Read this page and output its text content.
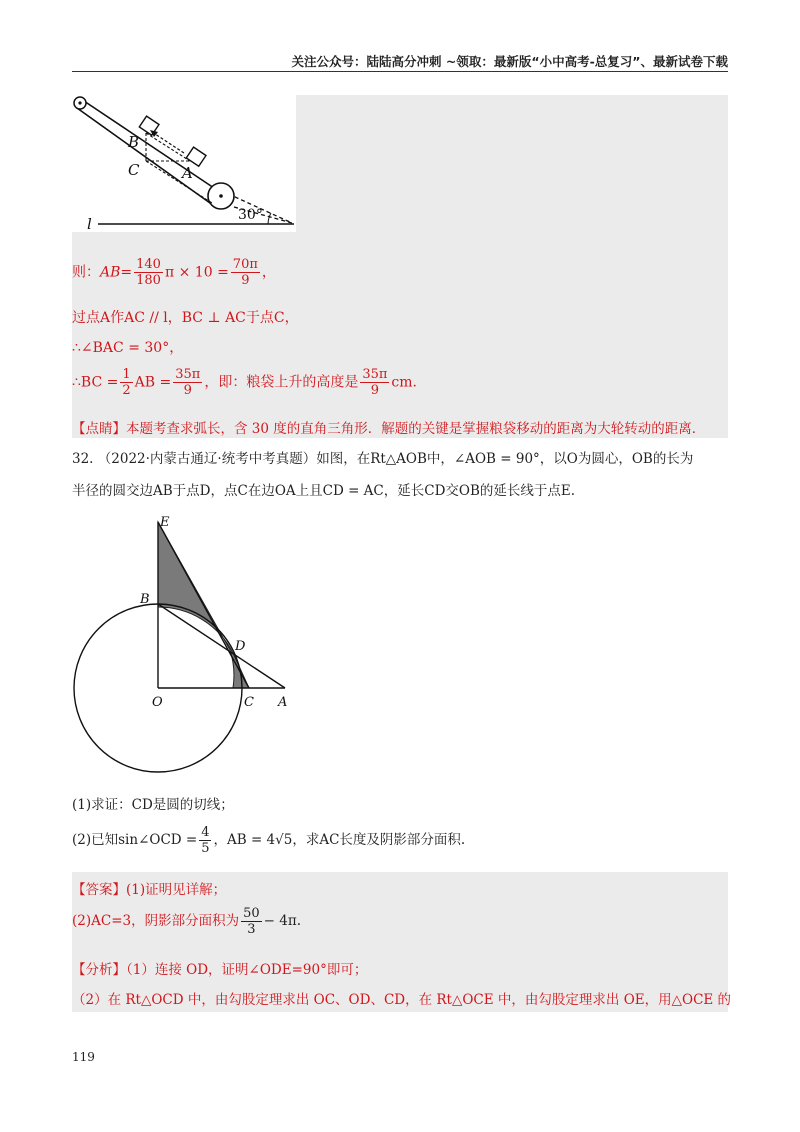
关注公众号：陆陆高分冲刺 ~领取：最新版“小中高考-总复习”、最新试卷下载
B
C	A
30°
l
则：$AB= \frac{140}{180}$ $\pi \times 10 = \frac{70\pi}{9}$ ，
过点A作AC // l，BC ⊥ AC于点C，
∴∠BAC = 30°，
∴BC = $\frac{1}{2}$ AB = $\frac{35\pi}{9}$ ，即：粮袋上升的高度是 $\frac{35\pi}{9}$ cm.
【点睛】本题考查求弧长，含 30 度的直角三角形．解题的关键是掌握粮袋移动的距离为大轮转动的距离．
32. （2022·内蒙古通辽·统考中考真题）如图，在Rt△AOB中，∠AOB = 90°，以O为圆心，OB的长为
半径的圆交边AB于点D，点C在边OA上且CD = AC，延长CD交OB的延长线于点E.
E
B
D
O	C A
(1)求证：CD是圆的切线；
(2)已知sin∠OCD = $\frac{4}{5}$ ，AB = 4√5，求AC长度及阴影部分面积.
【答案】(1)证明见详解；
(2)AC=3，阴影部分面积为 $\frac{50}{3} - 4\pi$.
【分析】（1）连接 OD，证明∠ODE=90°即可；
（2）在 Rt△OCD 中，由勾股定理求出 OC、OD、CD，在 Rt△OCE 中，由勾股定理求出 OE，用△OCE 的
119
